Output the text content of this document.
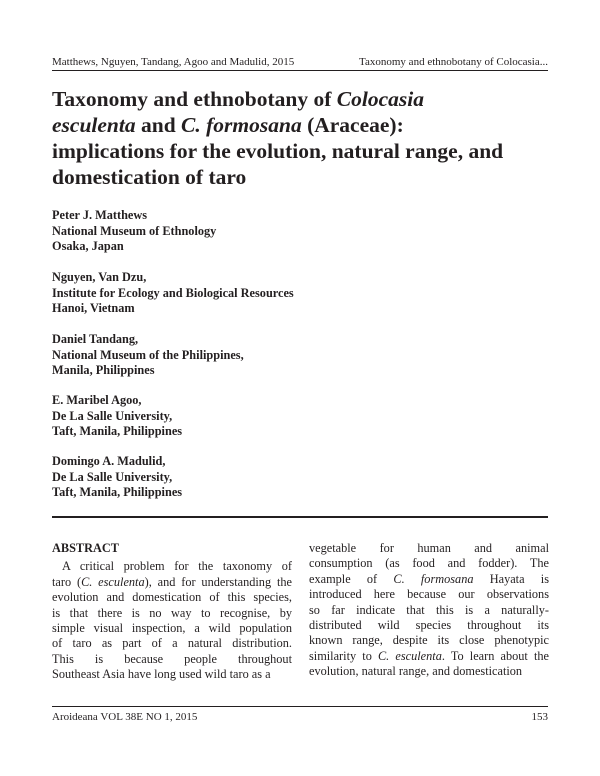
Matthews, Nguyen, Tandang, Agoo and Madulid, 2015	Taxonomy and ethnobotany of Colocasia...
Taxonomy and ethnobotany of Colocasia
esculenta and C. formosana (Araceae):
implications for the evolution, natural range, and
domestication of taro
Peter J. Matthews
National Museum of Ethnology
Osaka, Japan
Nguyen, Van Dzu,
Institute for Ecology and Biological Resources
Hanoi, Vietnam
Daniel Tandang,
National Museum of the Philippines,
Manila, Philippines
E. Maribel Agoo,
De La Salle University,
Taft, Manila, Philippines
Domingo A. Madulid,
De La Salle University,
Taft, Manila, Philippines
ABSTRACT
A critical problem for the taxonomy of
taro (C. esculenta), and for understanding the
evolution and domestication of this species,
is that there is no way to recognise, by
simple visual inspection, a wild population
of taro as part of a natural distribution.
This is because people throughout
Southeast Asia have long used wild taro as a
vegetable for human and animal
consumption (as food and fodder). The
example of C. formosana Hayata is
introduced here because our observations
so far indicate that this is a naturally-
distributed wild species throughout its
known range, despite its close phenotypic
similarity to C. esculenta. To learn about the
evolution, natural range, and domestication
Aroideana VOL 38E NO 1, 2015	153
